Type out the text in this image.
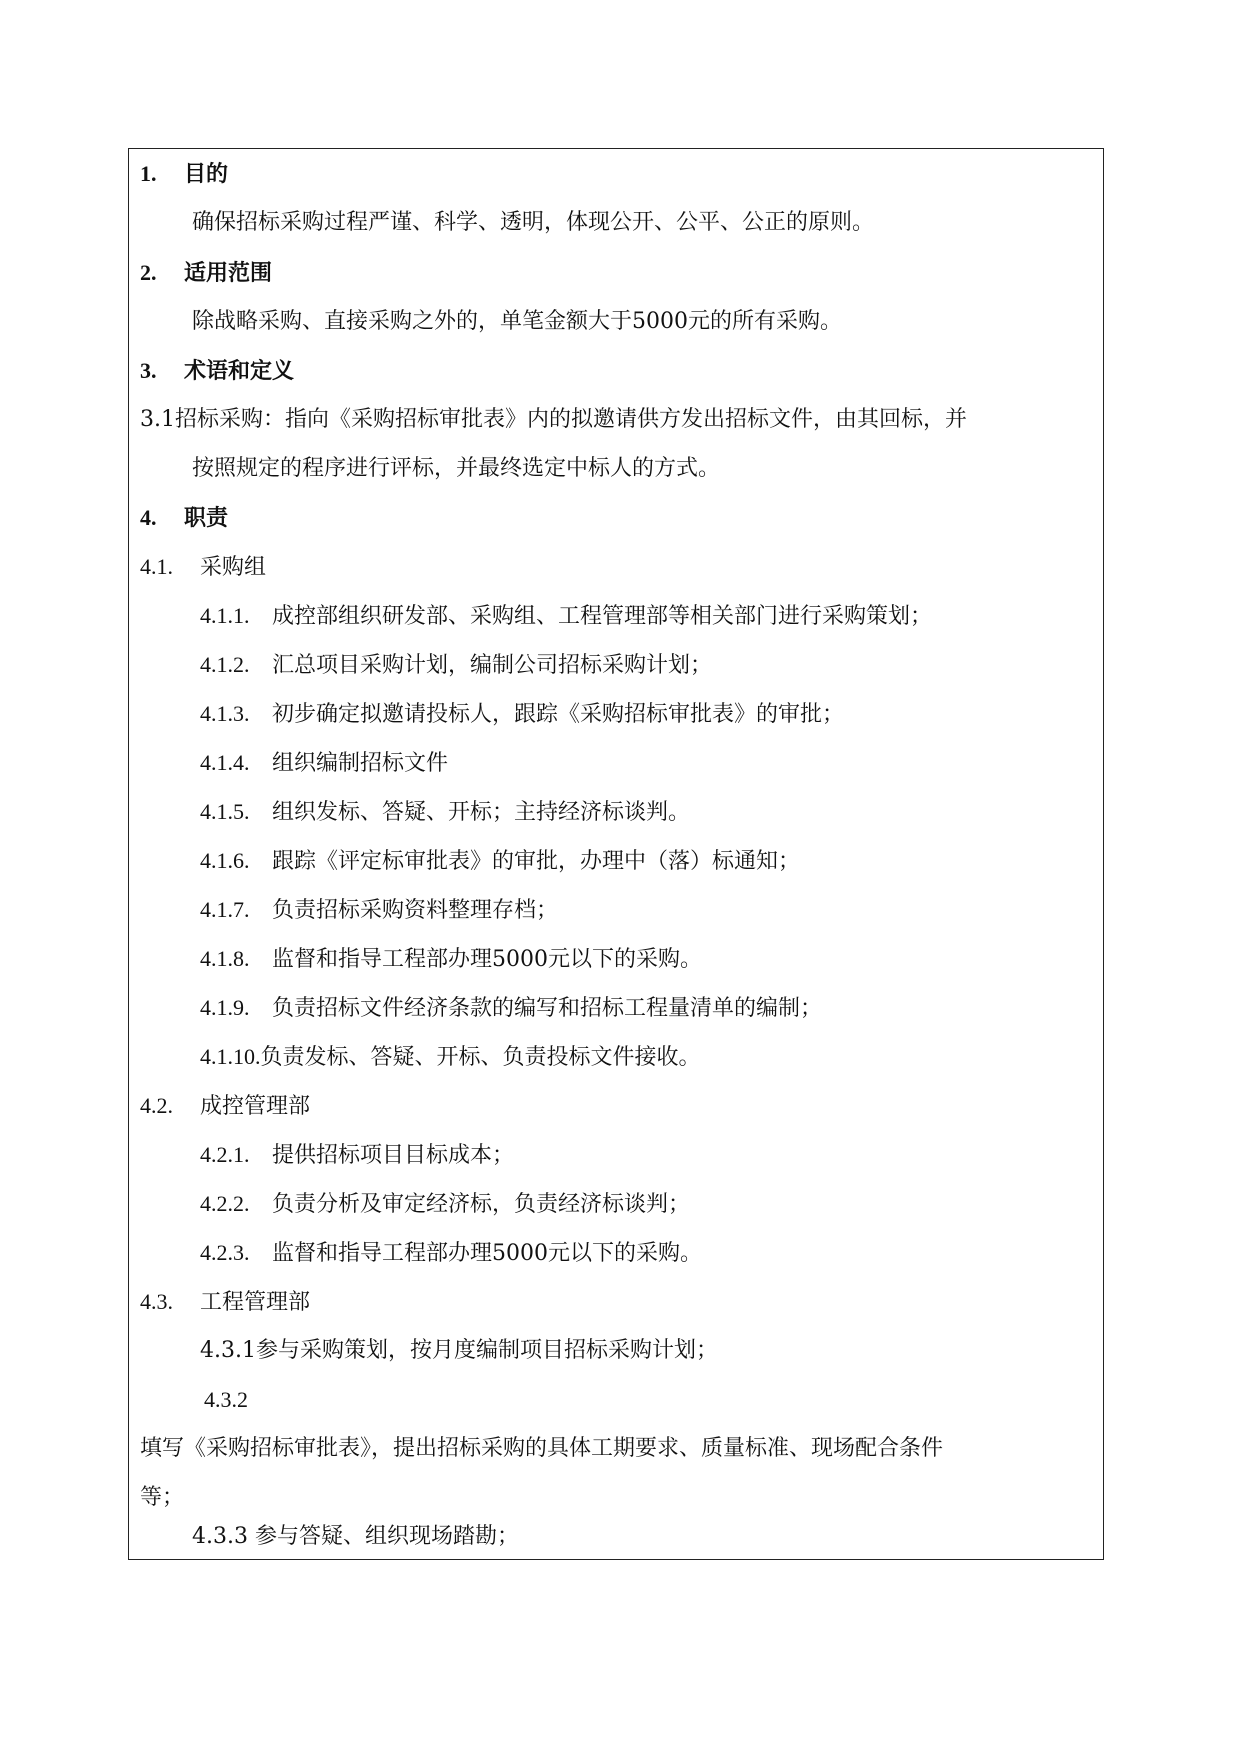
1. 目的
确保招标采购过程严谨、科学、透明，体现公开、公平、公正的原则。
2. 适用范围
除战略采购、直接采购之外的，单笔金额大于5000元的所有采购。
3. 术语和定义
3.1招标采购：指向《采购招标审批表》内的拟邀请供方发出招标文件，由其回标，并
按照规定的程序进行评标，并最终选定中标人的方式。
4. 职责
4.1. 采购组
4.1.1. 成控部组织研发部、采购组、工程管理部等相关部门进行采购策划；
4.1.2. 汇总项目采购计划，编制公司招标采购计划；
4.1.3. 初步确定拟邀请投标人，跟踪《采购招标审批表》的审批；
4.1.4. 组织编制招标文件
4.1.5. 组织发标、答疑、开标；主持经济标谈判。
4.1.6. 跟踪《评定标审批表》的审批，办理中（落）标通知；
4.1.7. 负责招标采购资料整理存档；
4.1.8. 监督和指导工程部办理5000元以下的采购。
4.1.9. 负责招标文件经济条款的编写和招标工程量清单的编制；
4.1.10.负责发标、答疑、开标、负责投标文件接收。
4.2. 成控管理部
4.2.1. 提供招标项目目标成本；
4.2.2. 负责分析及审定经济标，负责经济标谈判；
4.2.3. 监督和指导工程部办理5000元以下的采购。
4.3. 工程管理部
4.3.1参与采购策划，按月度编制项目招标采购计划；
4.3.2
填写《采购招标审批表》，提出招标采购的具体工期要求、质量标准、现场配合条件
等；
4.3.3 参与答疑、组织现场踏勘；
